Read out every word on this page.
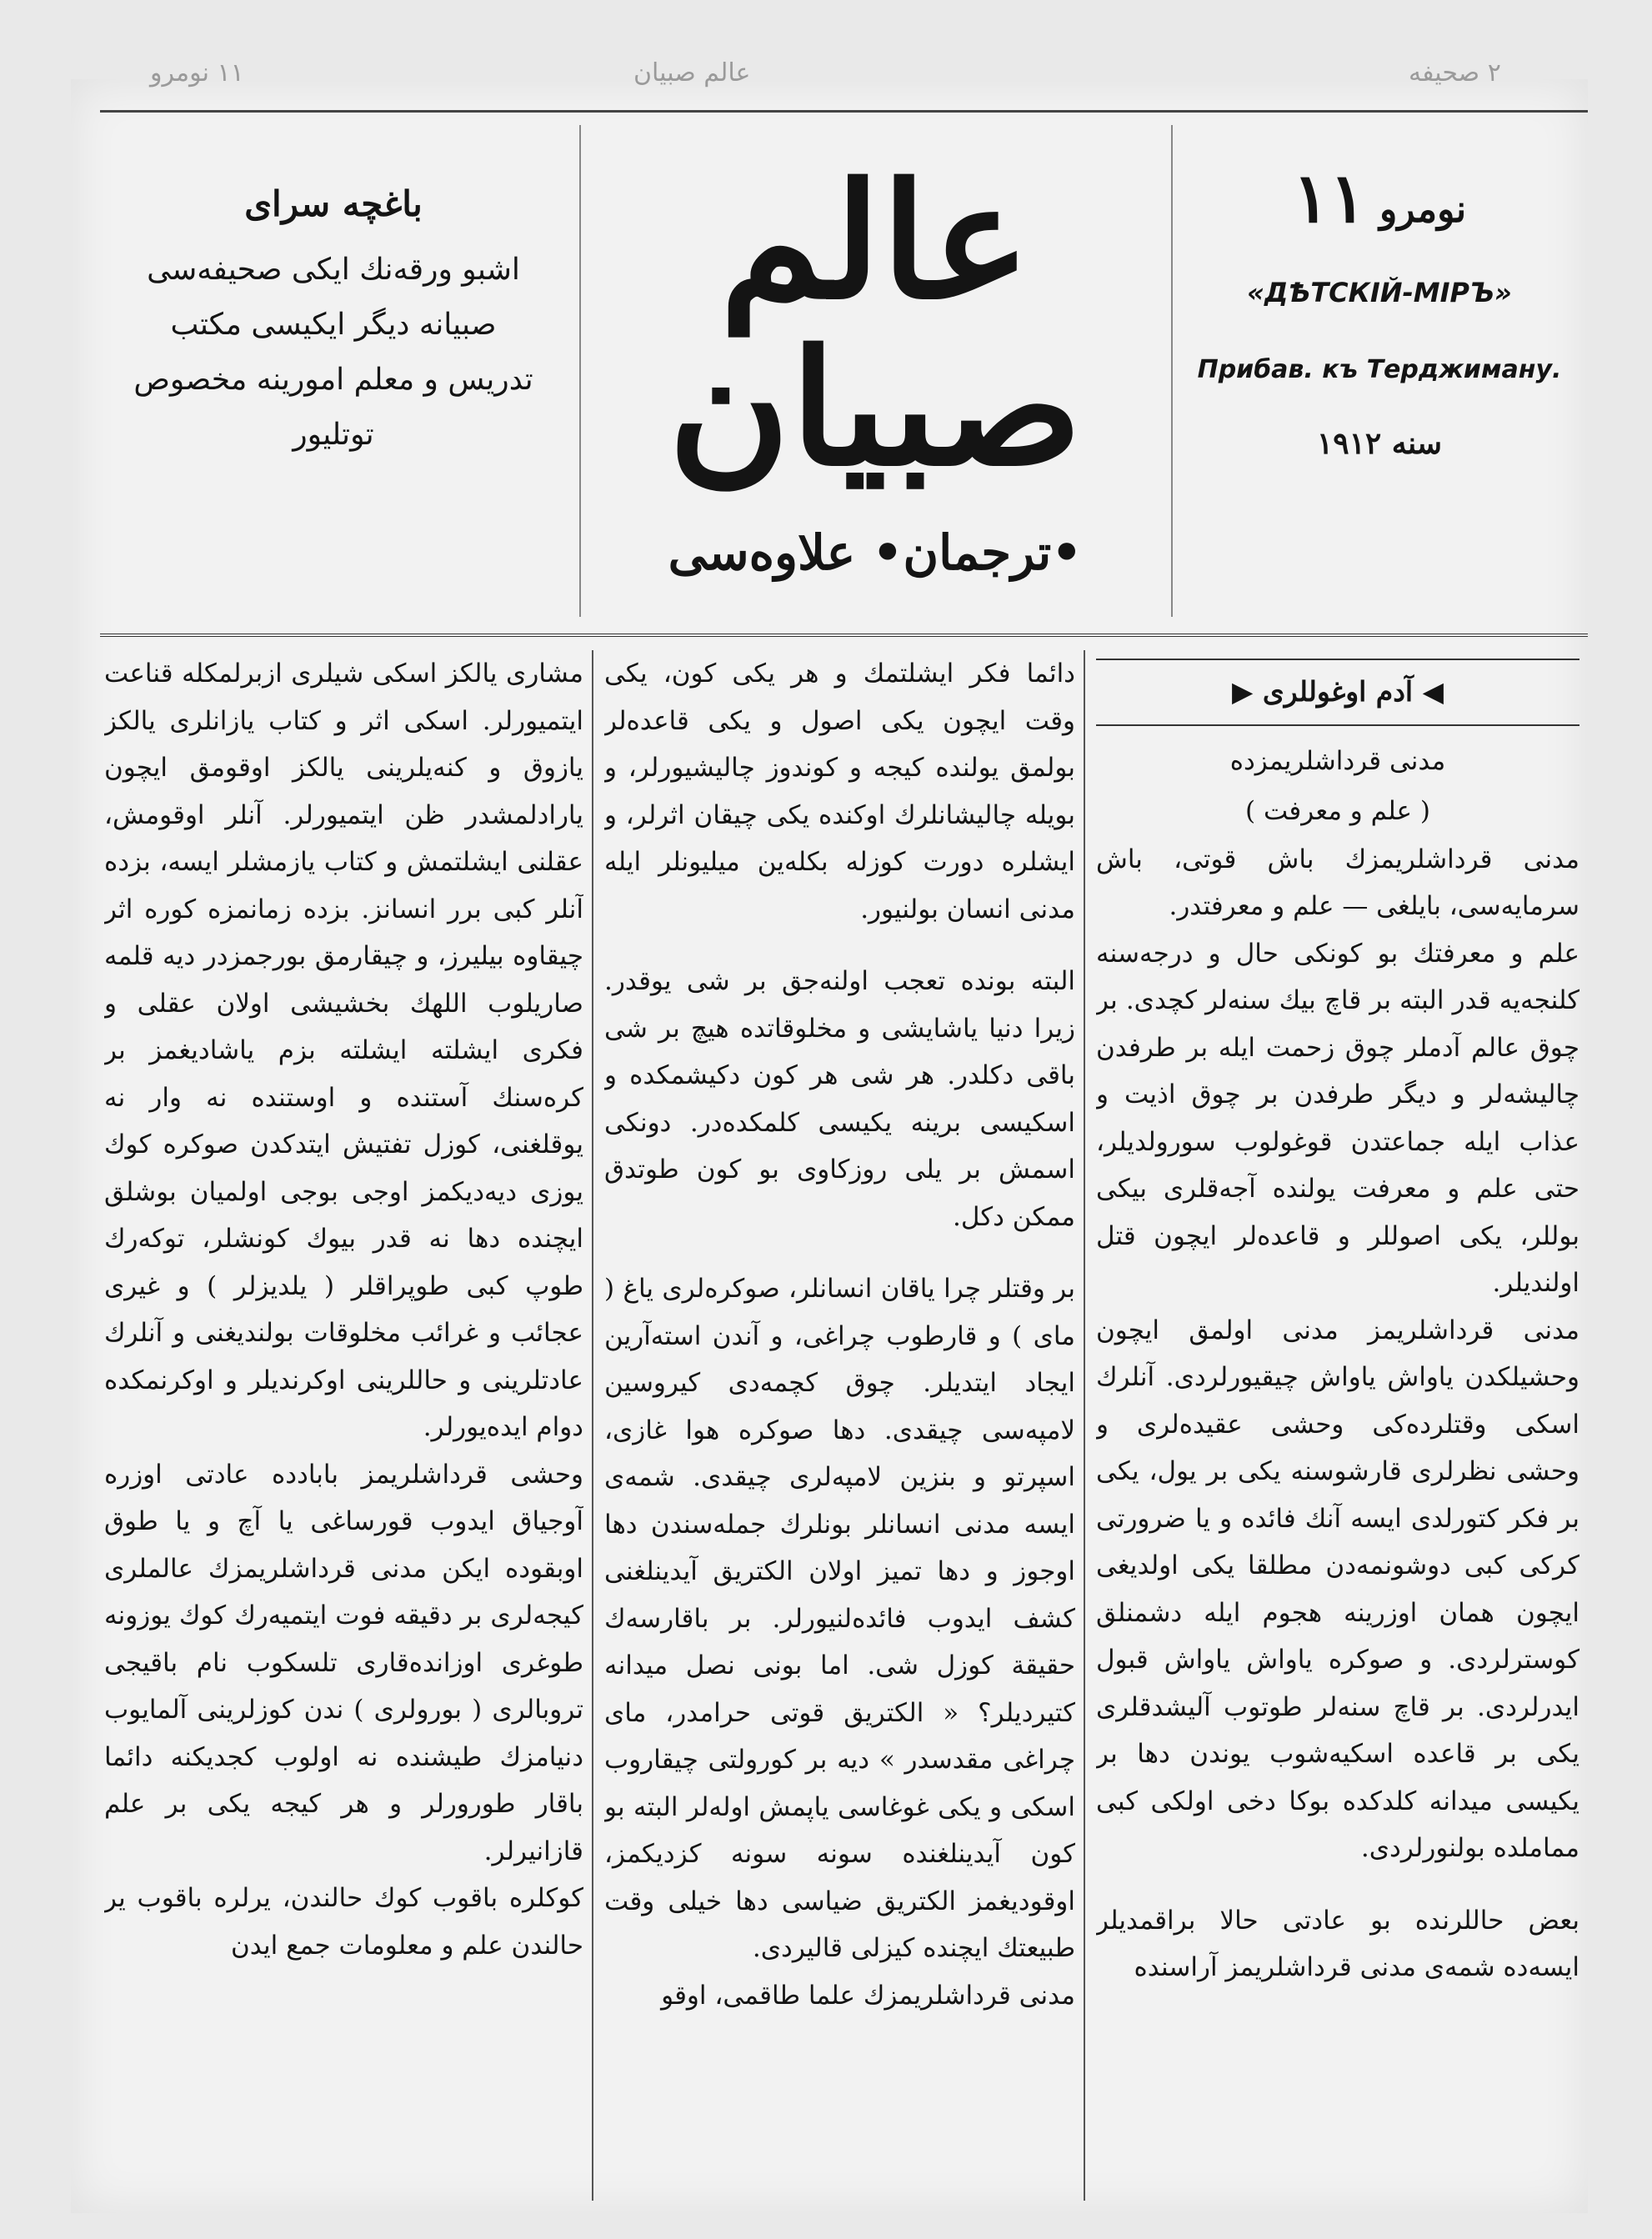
۱۱ نومرو	عالم صبیان	۲ صحیفه
باغچه سرای
اشبو ورقه‌نك ایكی صحیفه‌سی
صبیانه دیگر ایكیسی مكتب
تدریس و معلم امورینه مخصوص
توتلیور
عالم صبیان
•ترجمان• علاوه‌سی
نومرو
۱۱
«ДѢТСКІЙ-МІРЪ»
Прибав. къ Терджиману.
سنه ۱۹۱۲
◀ آدم اوغوللری ▶
مدنی قرداشلریمزده
( علم و معرفت )

مدنی قرداشلریمزك باش قوتی، باش سرمایه‌سی، بایلغی — علم و معرفتدر.

علم و معرفتك بو كونكی حال و درجه‌سنه كلنجه‌یه قدر البته بر قاچ بیك سنه‌لر كچدی. بر چوق عالم آدملر چوق زحمت ایله بر طرفدن چالیشه‌لر و دیگر طرفدن بر چوق اذیت و عذاب ایله جماعتدن قوغولوب سورولدیلر، حتی علم و معرفت یولنده آجه‌قلری بیكی بوللر، یكی اصوللر و قاعده‌لر ایچون قتل اولندیلر.

مدنی قرداشلریمز مدنی اولمق ایچون وحشیلكدن یاواش یاواش چیقیورلردی. آنلرك اسكی وقتلرده‌كی وحشی عقیده‌لری و وحشی نظرلری قارشوسنه یكی بر یول، یكی بر فكر كتورلدی ایسه آنك فائده و یا ضرورتی كركی كبی دوشونمه‌دن مطلقا یكی اولدیغی ایچون همان اوزرینه هجوم ایله دشمنلق كوسترلردی. و صوكره یاواش یاواش قبول ایدرلردی. بر قاچ سنه‌لر طوتوب آلیشدقلری یكی بر قاعده اسكیه‌شوب یوندن دها بر یكیسی میدانه كلدكده بوكا دخی اولكی كبی مماملده بولنورلردی.

بعض حاللرنده بو عادتی حالا براقمدیلر ایسه‌ده شمه‌ی مدنی قرداشلریمز آراسنده

دائما فكر ایشلتمك و هر یكی كون، یكی وقت ایچون یكی اصول و یكی قاعده‌لر بولمق یولنده كیجه و كوندوز چالیشیورلر، و بویله چالیشانلرك اوكنده یكی چیقان اثرلر، و ایشلره دورت كوزله بكله‌ین میلیونلر ایله مدنی انسان بولنیور.

البته بونده تعجب اولنه‌جق بر شی یوقدر. زیرا دنیا یاشایشی و مخلوقاتده هیچ بر شی باقی دكلدر. هر شی هر كون دكیشمكده و اسكیسی برینه یكیسی كلمكده‌در. دونكی اسمش بر یلی روزكاوی بو كون طوتدق ممكن دكل.

بر وقتلر چرا یاقان انسانلر، صوكره‌لری یاغ ( مای ) و قارطوب چراغی، و آندن استه‌آرین ایجاد ایتدیلر. چوق كچمه‌دی كیروسین لامپه‌سی چیقدی. دها صوكره هوا غازی، اسپرتو و بنزین لامپه‌لری چیقدی. شمه‌ی ایسه مدنی انسانلر بونلرك جمله‌سندن دها اوجوز و دها تمیز اولان الكتریق آیدینلغنی كشف ایدوب فائده‌لنیورلر. بر باقارسه‌ك حقیقة كوزل شی. اما بونی نصل میدانه كتیردیلر؟ « الكتریق قوتی حرامدر، مای چراغی مقدسدر » دیه بر كورولتی چیقاروب اسكی و یكی غوغاسی یاپمش اوله‌لر البته بو كون آیدینلغنده سونه سونه كزدیكمز، اوقودیغمز الكتریق ضیاسی دها خیلی وقت طبیعتك ایچنده كیزلی قالیردی.

مدنی قرداشلریمزك علما طاقمی، اوقو

مشاری یالكز اسكی شیلری ازبرلمكله قناعت ایتمیورلر. اسكی اثر و كتاب یازانلری یالكز یازوق و كنه‌یلرینی یالكز اوقومق ایچون یارادلمشدر ظن ایتمیورلر. آنلر اوقومش، عقلنی ایشلتمش و كتاب یازمشلر ایسه، بزده آنلر كبی برر انسانز. بزده زمانمزه كوره اثر چیقاوه بیلیرز، و چیقارمق بورجمزدر دیه قلمه صاریلوب اللهك بخشیشی اولان عقلی و فكری ایشلته ایشلته بزم یاشادیغمز بر كره‌سنك آستنده و اوستنده نه وار نه یوقلغنی، كوزل تفتیش ایتدكدن صوكره كوك یوزی دیه‌دیكمز اوجی بوجی اولمیان بوشلق ایچنده دها نه قدر بیوك كونشلر، توكه‌رك طوپ كبی طوپراقلر ( یلدیزلر ) و غیری عجائب و غرائب مخلوقات بولندیغنی و آنلرك عادتلرینی و حاللرینی اوكرندیلر و اوكرنمكده دوام ایده‌یورلر.

وحشی قرداشلریمز بابادده عادتی اوزره آوجیاق ایدوب قورساغی یا آچ و یا طوق اوبقوده ایكن مدنی قرداشلریمزك عالملری كیجه‌لری بر دقیقه فوت ایتمیه‌رك كوك یوزونه طوغری اوزانده‌قاری تلسكوب نام باقیجی تروبالری ( بورولری ) ندن كوزلرینی آلمایوب دنیامزك طیشنده نه اولوب كجدیكنه دائما باقار طورورلر و هر كیجه یكی بر علم قازانیرلر.

كوكلره باقوب كوك حالندن، یرلره باقوب یر حالندن علم و معلومات جمع ایدن
